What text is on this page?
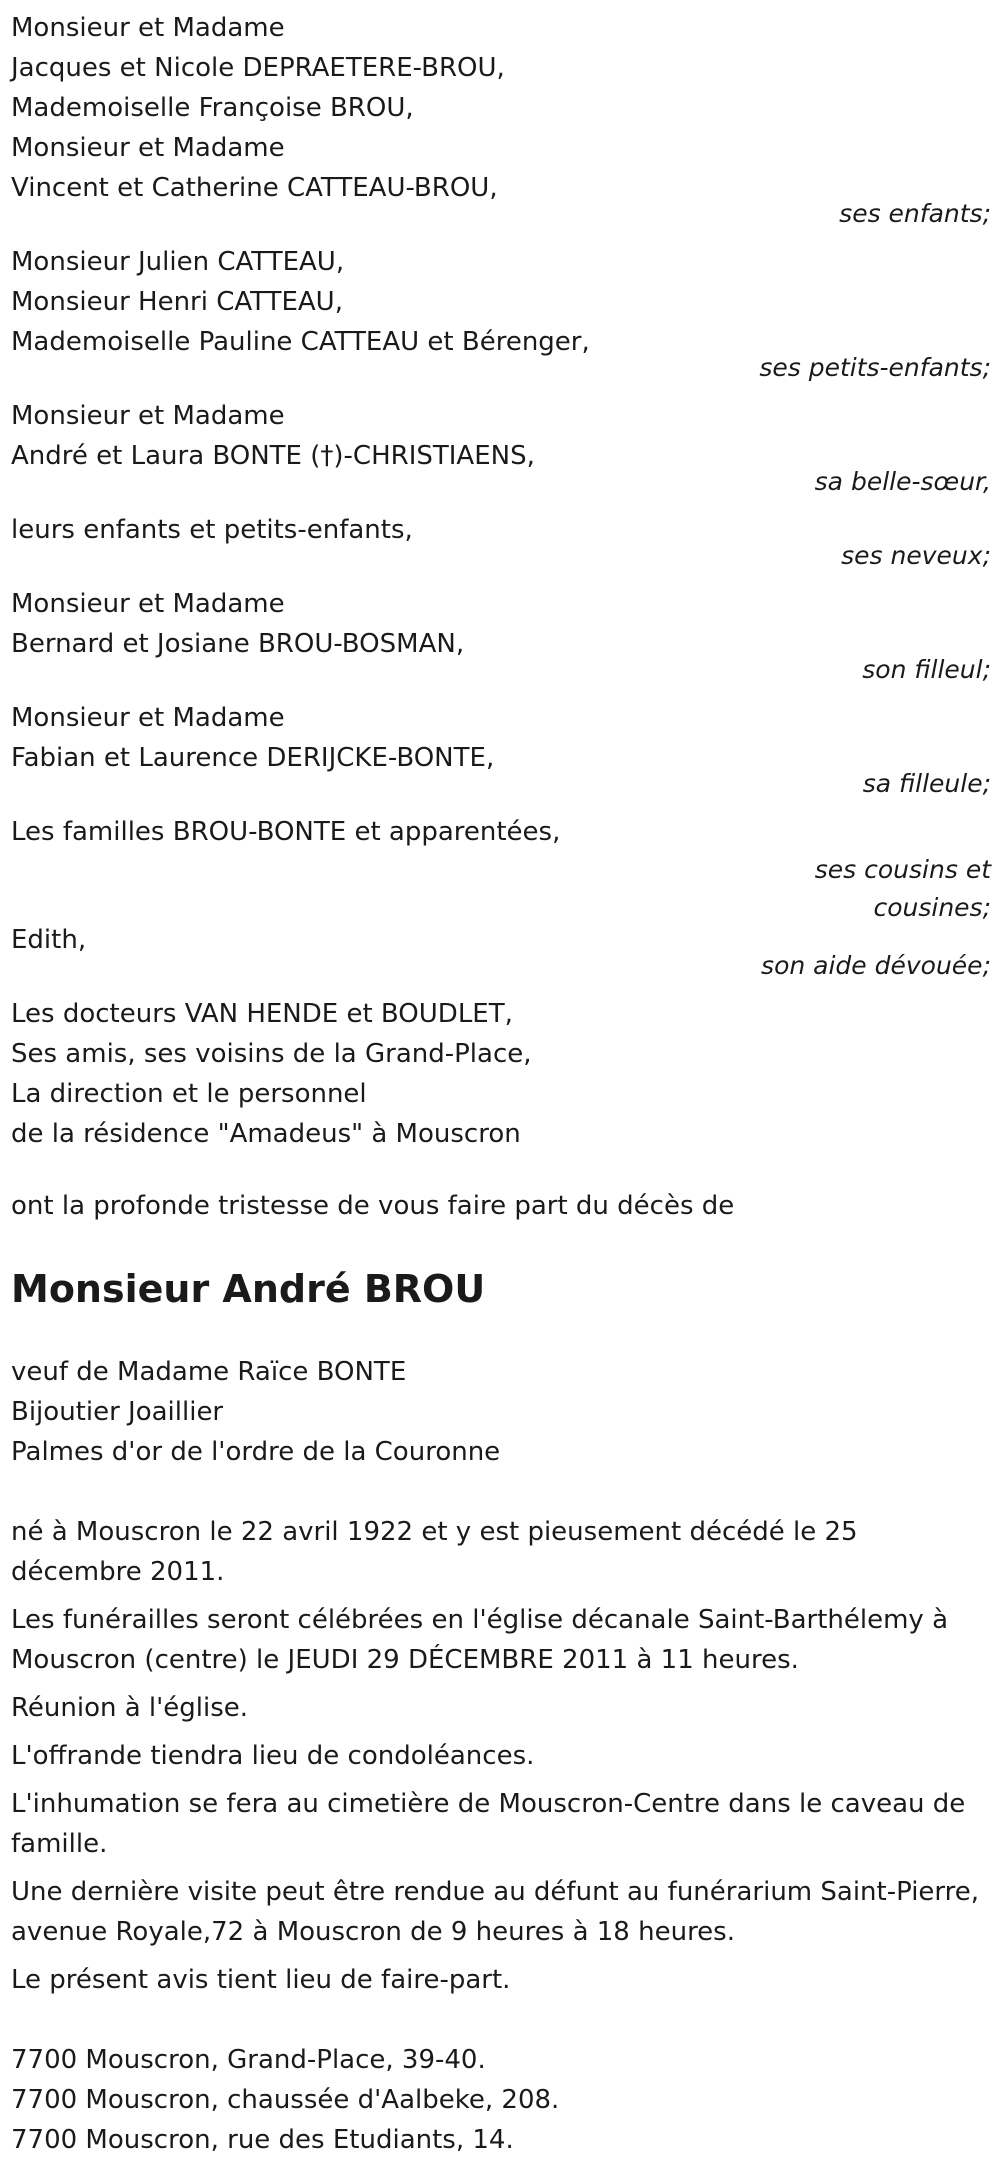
Monsieur et Madame
Jacques et Nicole DEPRAETERE-BROU,
Mademoiselle Françoise BROU,
Monsieur et Madame
Vincent et Catherine CATTEAU-BROU,
ses enfants;
Monsieur Julien CATTEAU,
Monsieur Henri CATTEAU,
Mademoiselle Pauline CATTEAU et Bérenger,
ses petits-enfants;
Monsieur et Madame
André et Laura BONTE (†)-CHRISTIAENS,
sa belle-sœur,
leurs enfants et petits-enfants,
ses neveux;
Monsieur et Madame
Bernard et Josiane BROU-BOSMAN,
son filleul;
Monsieur et Madame
Fabian et Laurence DERIJCKE-BONTE,
sa filleule;
Les familles BROU-BONTE et apparentées,
ses cousins et
cousines;
Edith,
son aide dévouée;
Les docteurs VAN HENDE et BOUDLET,
Ses amis, ses voisins de la Grand-Place,
La direction et le personnel
de la résidence "Amadeus" à Mouscron
ont la profonde tristesse de vous faire part du décès de
Monsieur André BROU
veuf de Madame Raïce BONTE
Bijoutier Joaillier
Palmes d'or de l'ordre de la Couronne
né à Mouscron le 22 avril 1922 et y est pieusement décédé le 25 décembre 2011.
Les funérailles seront célébrées en l'église décanale Saint-Barthélemy à Mouscron (centre) le JEUDI 29 DÉCEMBRE 2011 à 11 heures.
Réunion à l'église.
L'offrande tiendra lieu de condoléances.
L'inhumation se fera au cimetière de Mouscron-Centre dans le caveau de famille.
Une dernière visite peut être rendue au défunt au funérarium Saint-Pierre, avenue Royale,72 à Mouscron de 9 heures à 18 heures.
Le présent avis tient lieu de faire-part.
7700 Mouscron, Grand-Place, 39-40.
7700 Mouscron, chaussée d'Aalbeke, 208.
7700 Mouscron, rue des Etudiants, 14.
